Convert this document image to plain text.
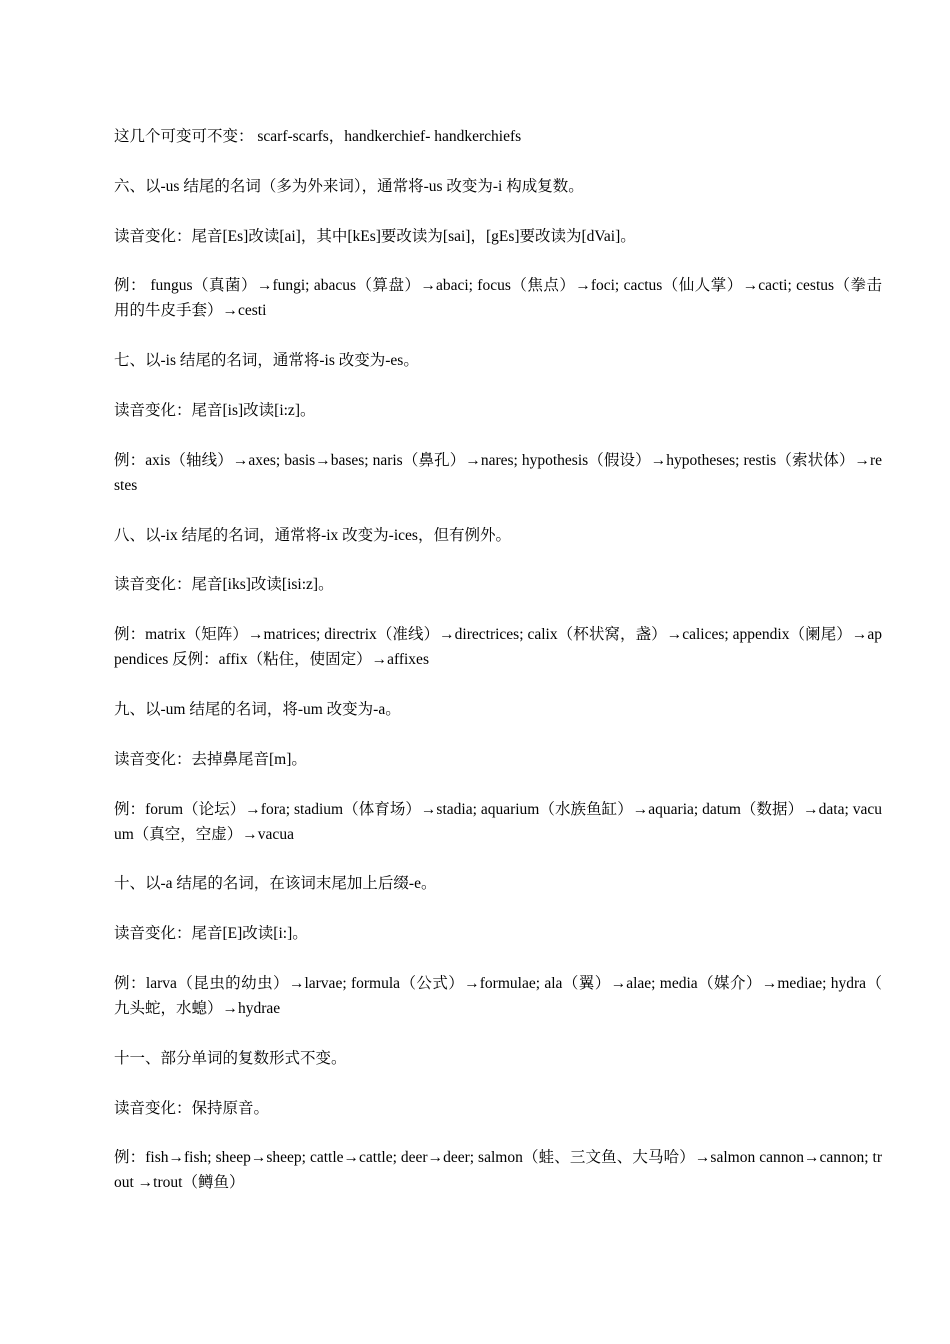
这几个可变可不变： scarf-scarfs，handkerchief- handkerchiefs

六、以-us 结尾的名词（多为外来词），通常将-us 改变为-i 构成复数。

读音变化：尾音[Es]改读[ai]，其中[kEs]要改读为[sai]，[gEs]要改读为[dVai]。

例： fungus（真菌）→fungi; abacus（算盘）→abaci; focus（焦点）→foci; cactus（仙人掌）→cacti; cestus（拳击用的牛皮手套）→cesti

七、以-is 结尾的名词，通常将-is 改变为-es。

读音变化：尾音[is]改读[i:z]。

例：axis（轴线）→axes; basis→bases; naris（鼻孔）→nares; hypothesis（假设）→hypotheses; restis（索状体）→restes

八、以-ix 结尾的名词，通常将-ix 改变为-ices，但有例外。

读音变化：尾音[iks]改读[isi:z]。

例：matrix（矩阵）→matrices; directrix（准线）→directrices; calix（杯状窝，盏）→calices; appendix（阑尾）→appendices 反例：affix（粘住，使固定）→affixes

九、以-um 结尾的名词，将-um 改变为-a。

读音变化：去掉鼻尾音[m]。

例：forum（论坛）→fora; stadium（体育场）→stadia; aquarium（水族鱼缸）→aquaria; datum（数据）→data; vacuum（真空，空虚）→vacua

十、以-a 结尾的名词，在该词末尾加上后缀-e。

读音变化：尾音[E]改读[i:]。

例：larva（昆虫的幼虫）→larvae; formula（公式）→formulae; ala（翼）→alae; media（媒介）→mediae; hydra（九头蛇，水螅）→hydrae

十一、部分单词的复数形式不变。

读音变化：保持原音。

例：fish→fish; sheep→sheep; cattle→cattle; deer→deer; salmon（蛙、三文鱼、大马哈）→salmon cannon→cannon; trout →trout（鳟鱼）
